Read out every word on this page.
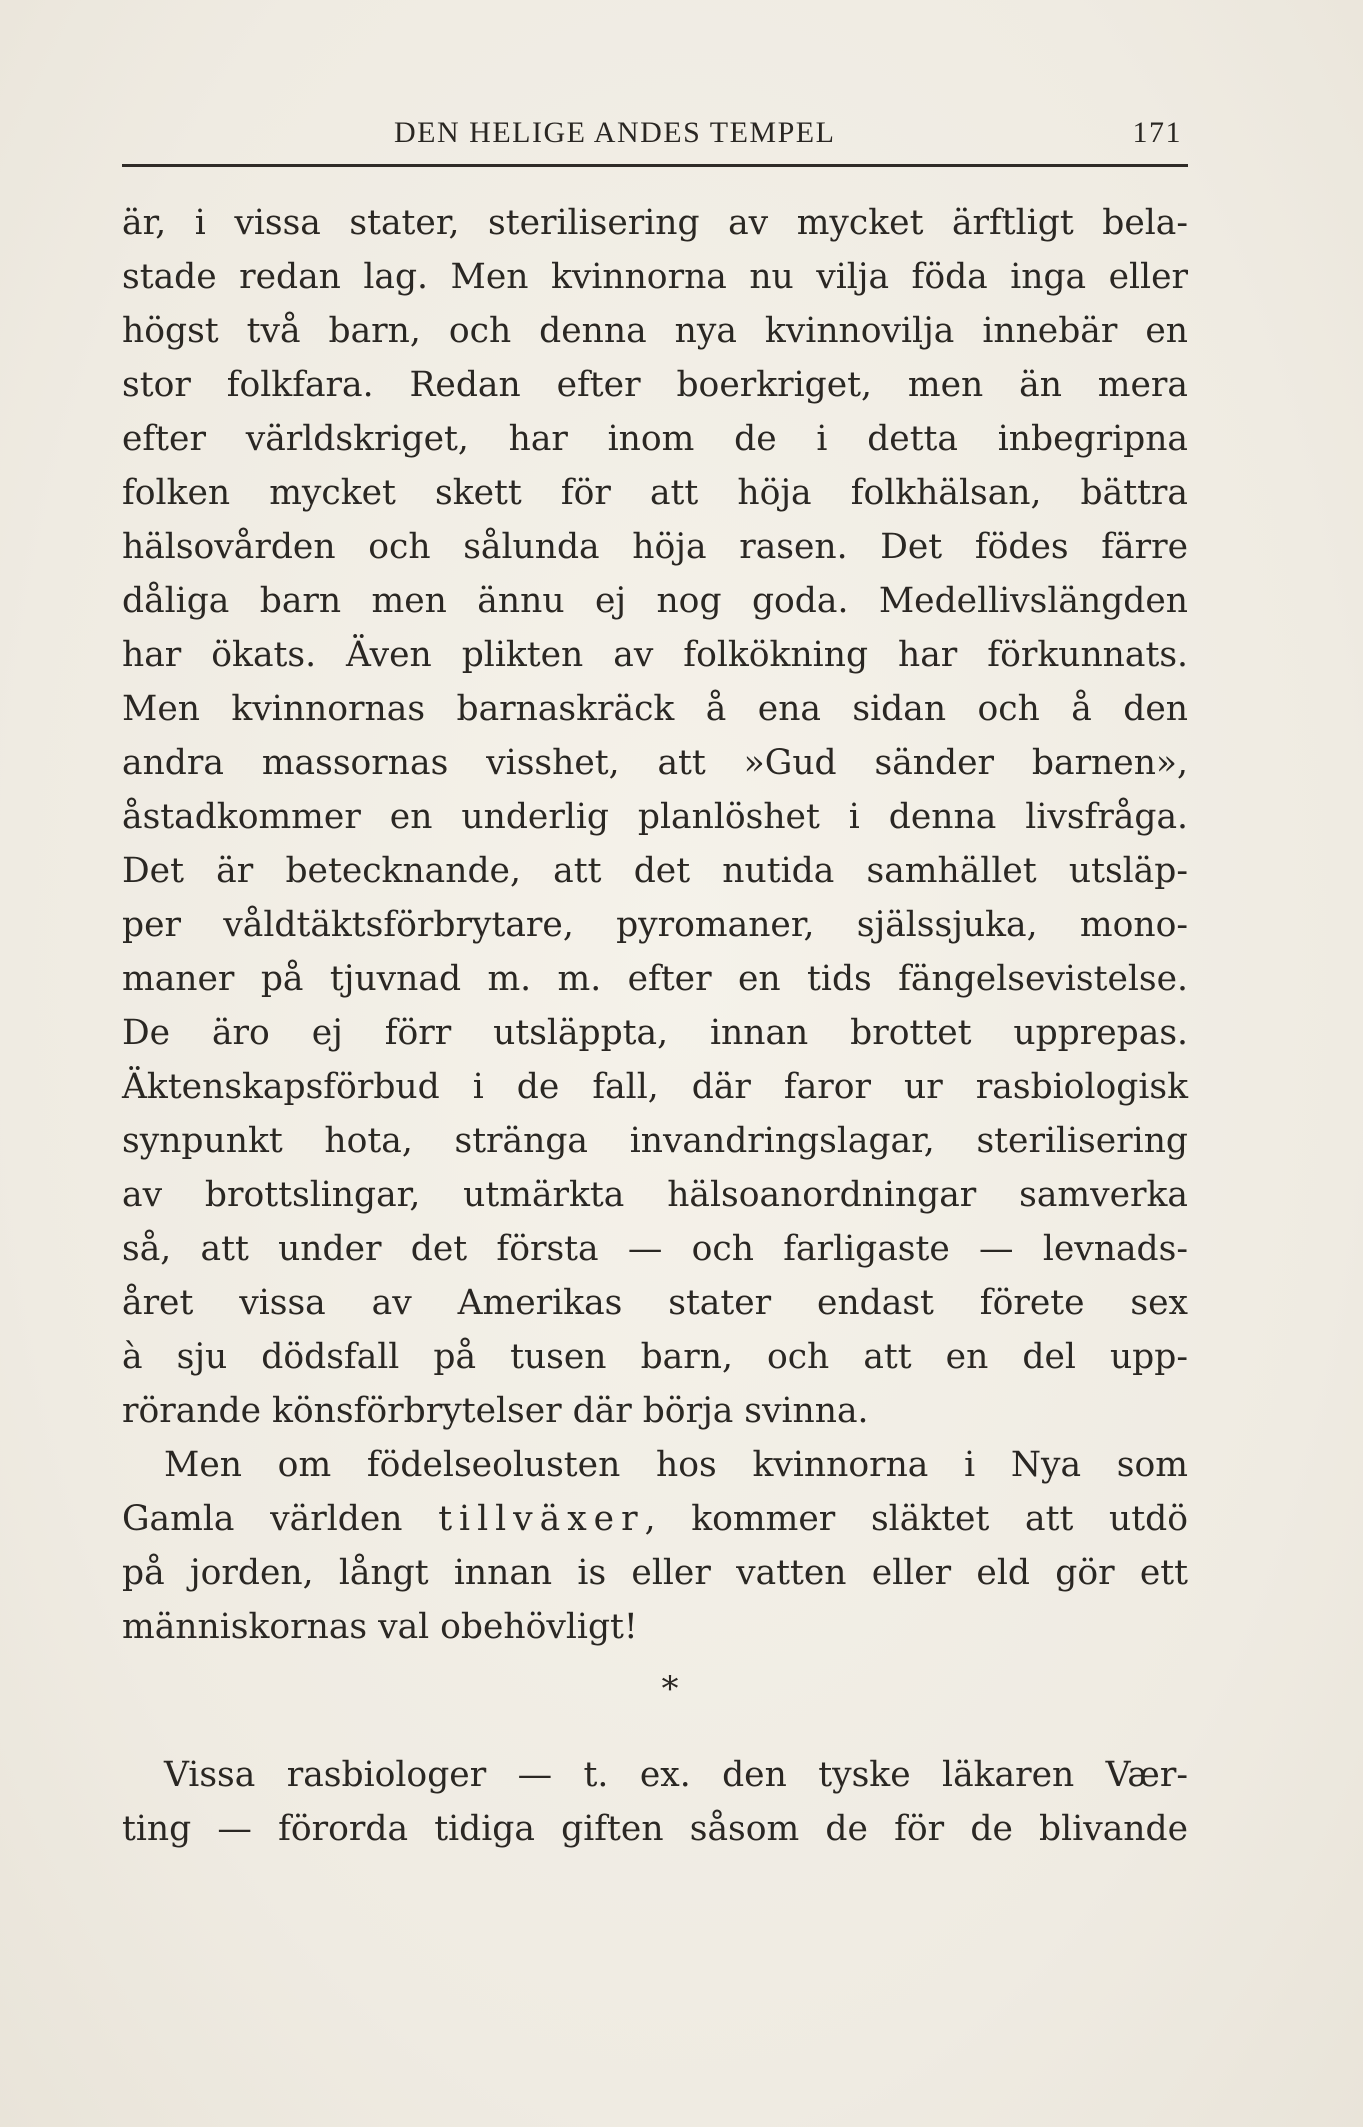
DEN HELIGE ANDES TEMPEL	171
är, i vissa stater, sterilisering av mycket ärftligt bela-
stade redan lag. Men kvinnorna nu vilja föda inga eller
högst två barn, och denna nya kvinnovilja innebär en
stor folkfara. Redan efter boerkriget, men än mera
efter världskriget, har inom de i detta inbegripna
folken mycket skett för att höja folkhälsan, bättra
hälsovården och sålunda höja rasen. Det födes färre
dåliga barn men ännu ej nog goda. Medellivslängden
har ökats. Även plikten av folkökning har förkunnats.
Men kvinnornas barnaskräck å ena sidan och å den
andra massornas visshet, att »Gud sänder barnen»,
åstadkommer en underlig planlöshet i denna livsfråga.
Det är betecknande, att det nutida samhället utsläp-
per våldtäktsförbrytare, pyromaner, själssjuka, mono-
maner på tjuvnad m. m. efter en tids fängelsevistelse.
De äro ej förr utsläppta, innan brottet upprepas.
Äktenskapsförbud i de fall, där faror ur rasbiologisk
synpunkt hota, stränga invandringslagar, sterilisering
av brottslingar, utmärkta hälsoanordningar samverka
så, att under det första — och farligaste — levnads-
året vissa av Amerikas stater endast förete sex
à sju dödsfall på tusen barn, och att en del upp-
rörande könsförbrytelser där börja svinna.
Men om födelseolusten hos kvinnorna i Nya som
Gamla världen tillväxer, kommer släktet att utdö
på jorden, långt innan is eller vatten eller eld gör ett
människornas val obehövligt!
*
Vissa rasbiologer — t. ex. den tyske läkaren Vær-
ting — förorda tidiga giften såsom de för de blivande
